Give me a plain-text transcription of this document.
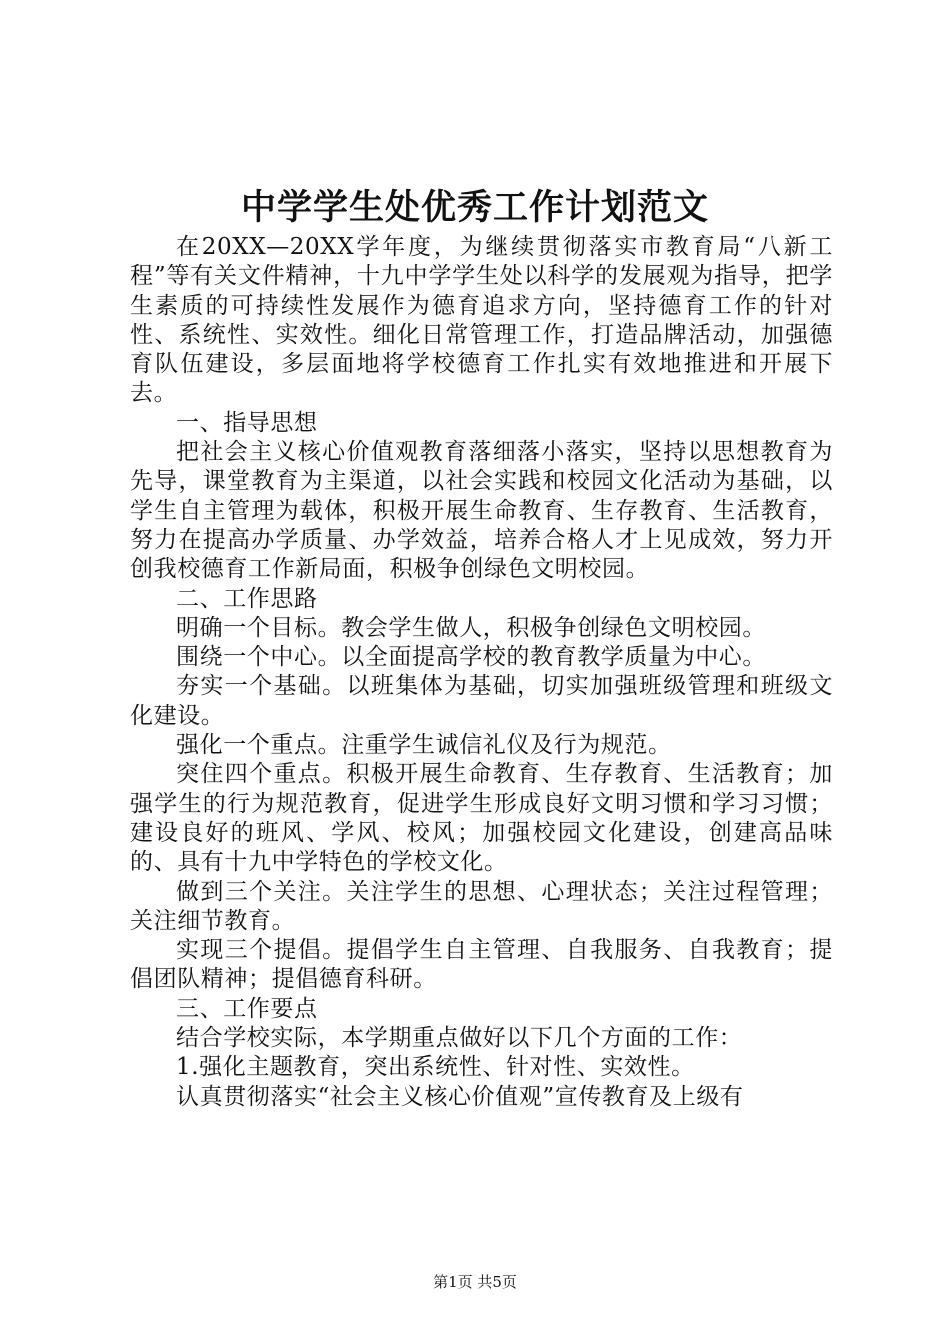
中学学生处优秀工作计划范文

在20XX—20XX学年度，为继续贯彻落实市教育局“八新工程”等有关文件精神，十九中学学生处以科学的发展观为指导，把学生素质的可持续性发展作为德育追求方向，坚持德育工作的针对性、系统性、实效性。细化日常管理工作，打造品牌活动，加强德育队伍建设，多层面地将学校德育工作扎实有效地推进和开展下去。

一、指导思想

把社会主义核心价值观教育落细落小落实，坚持以思想教育为先导，课堂教育为主渠道，以社会实践和校园文化活动为基础，以学生自主管理为载体，积极开展生命教育、生存教育、生活教育，努力在提高办学质量、办学效益，培养合格人才上见成效，努力开创我校德育工作新局面，积极争创绿色文明校园。

二、工作思路

明确一个目标。教会学生做人，积极争创绿色文明校园。

围绕一个中心。以全面提高学校的教育教学质量为中心。

夯实一个基础。以班集体为基础，切实加强班级管理和班级文化建设。

强化一个重点。注重学生诚信礼仪及行为规范。

突住四个重点。积极开展生命教育、生存教育、生活教育；加强学生的行为规范教育，促进学生形成良好文明习惯和学习习惯；建设良好的班风、学风、校风；加强校园文化建设，创建高品味的、具有十九中学特色的学校文化。

做到三个关注。关注学生的思想、心理状态；关注过程管理；关注细节教育。

实现三个提倡。提倡学生自主管理、自我服务、自我教育；提倡团队精神；提倡德育科研。

三、工作要点

结合学校实际，本学期重点做好以下几个方面的工作：

1.强化主题教育，突出系统性、针对性、实效性。

认真贯彻落实“社会主义核心价值观”宣传教育及上级有

第1页 共5页
